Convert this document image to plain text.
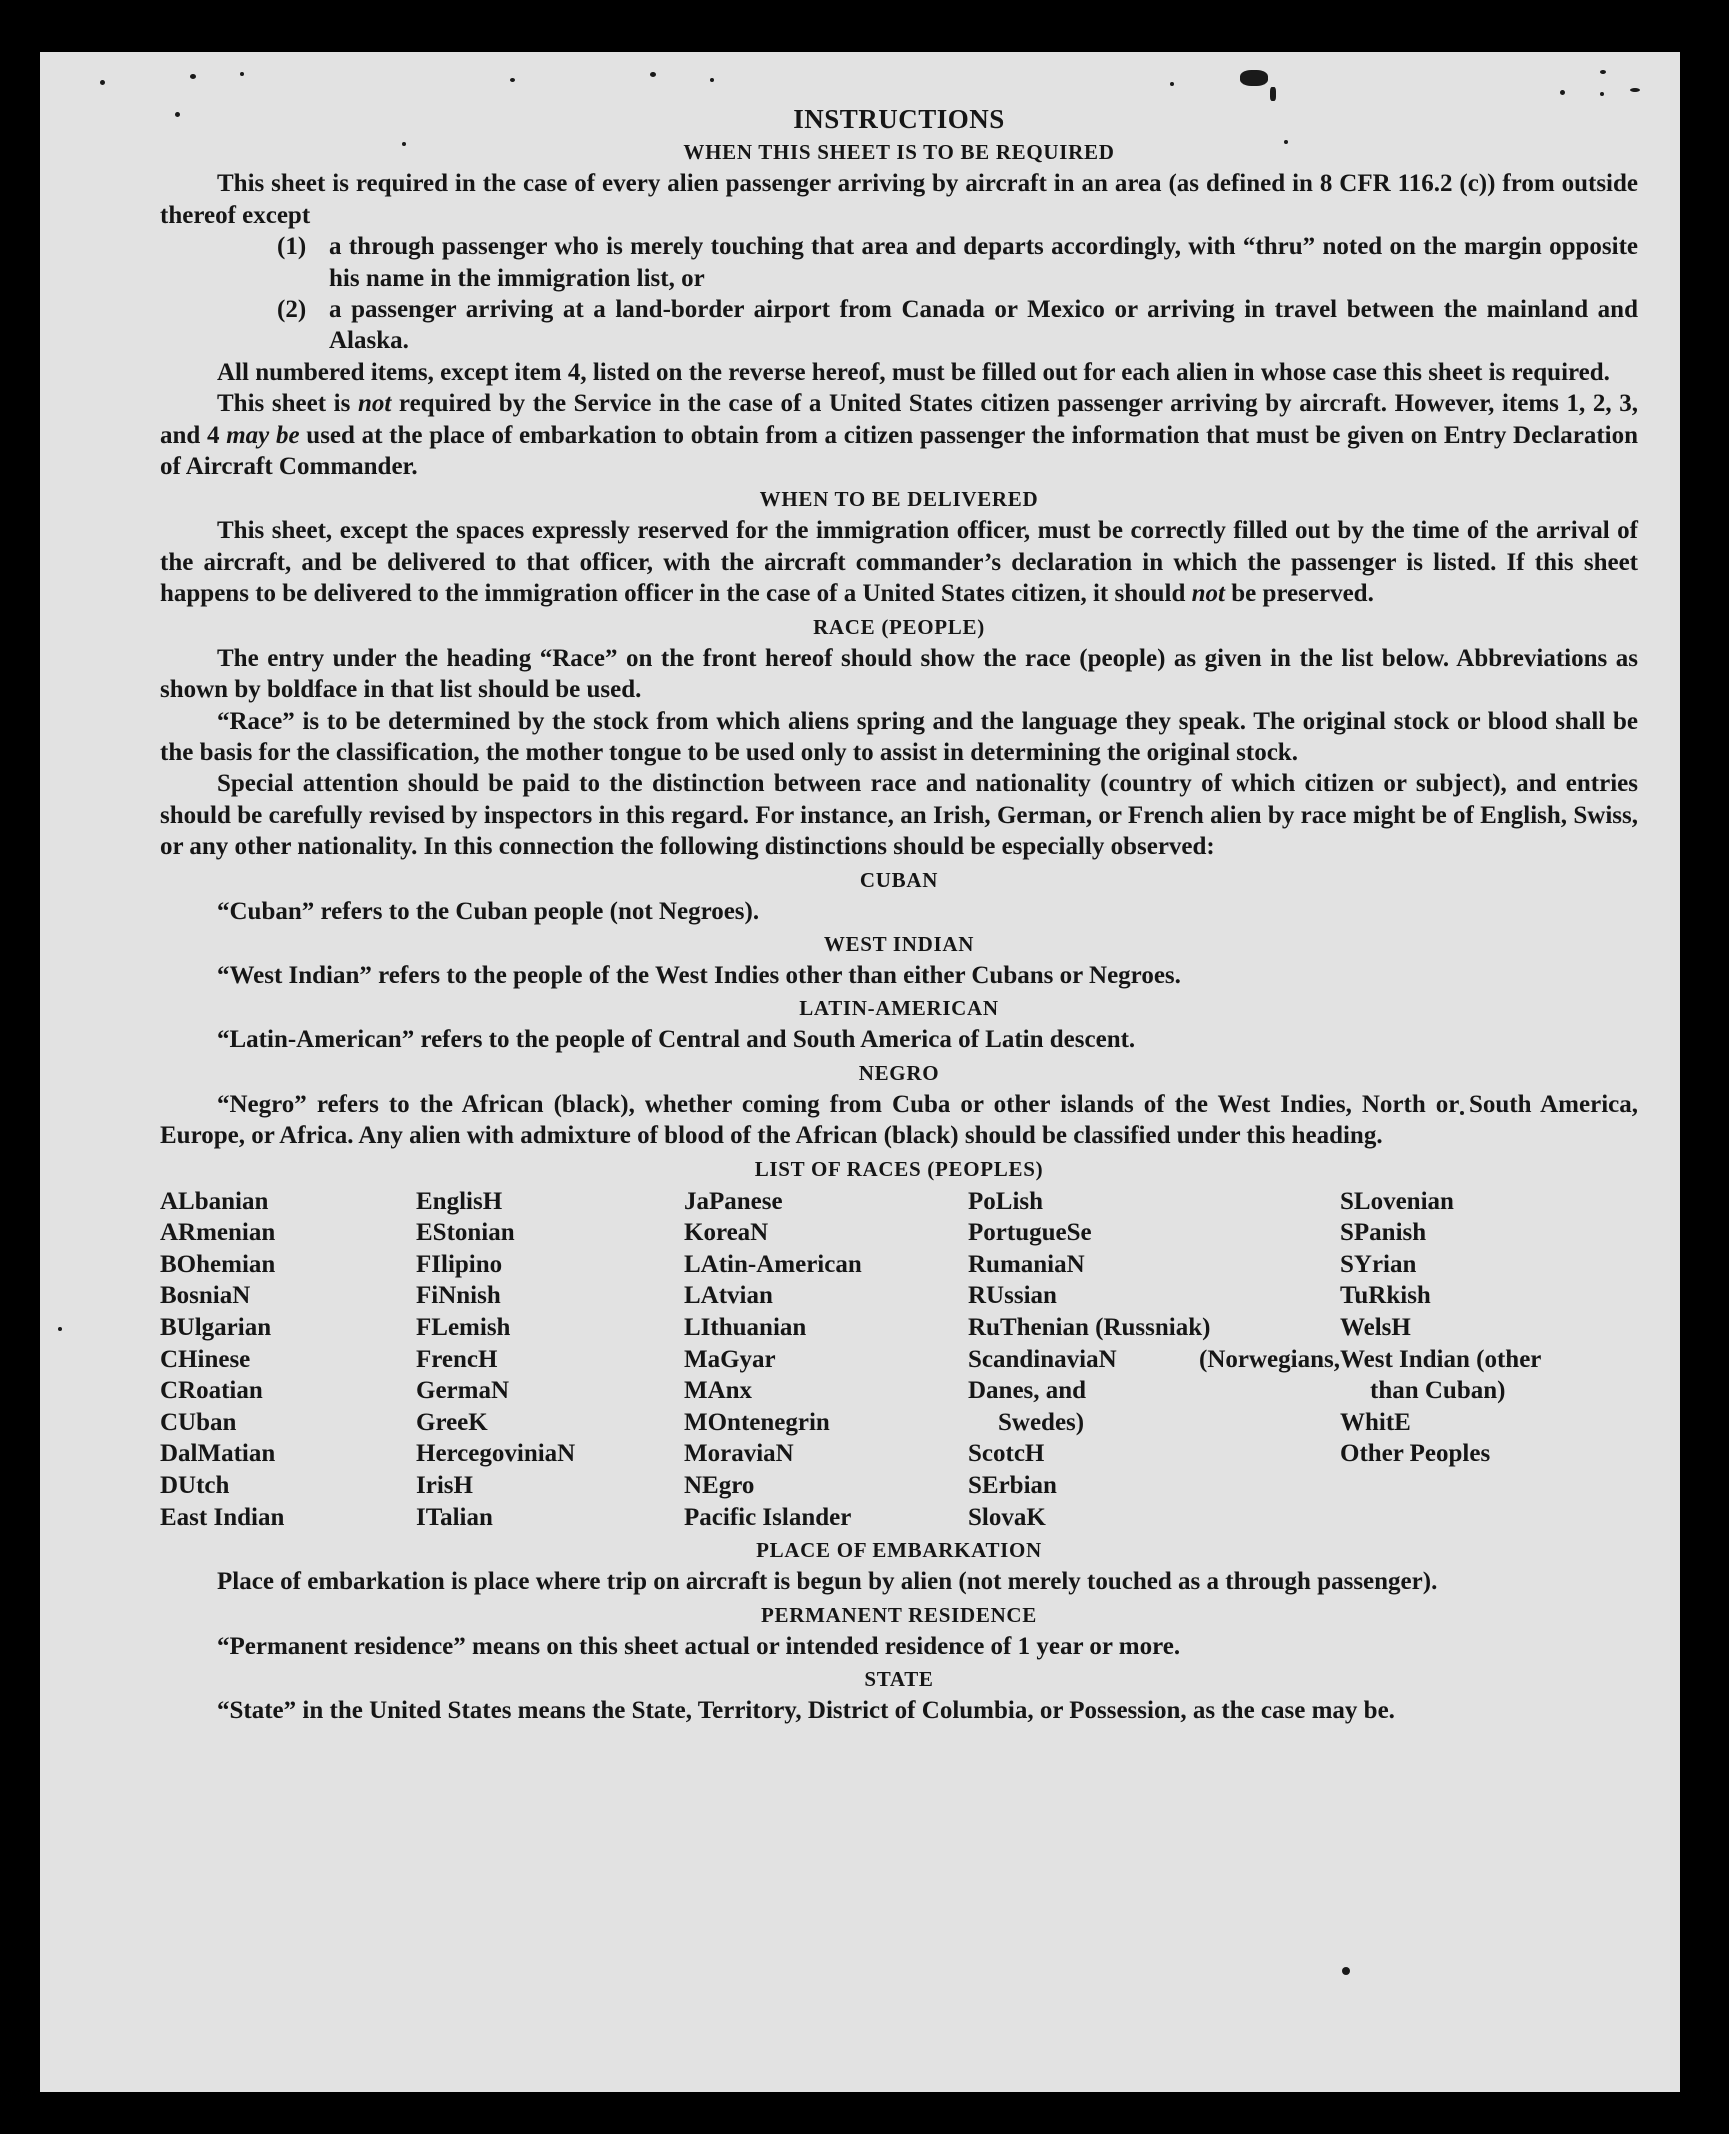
INSTRUCTIONS
WHEN THIS SHEET IS TO BE REQUIRED

This sheet is required in the case of every alien passenger arriving by aircraft in an area (as defined in 8 CFR 116.2 (c)) from outside thereof except

(1) a through passenger who is merely touching that area and departs accordingly, with “thru” noted on the margin opposite his name in the immigration list, or
(2) a passenger arriving at a land-border airport from Canada or Mexico or arriving in travel between the mainland and Alaska.

All numbered items, except item 4, listed on the reverse hereof, must be filled out for each alien in whose case this sheet is required.

This sheet is not required by the Service in the case of a United States citizen passenger arriving by aircraft. However, items 1, 2, 3, and 4 may be used at the place of embarkation to obtain from a citizen passenger the information that must be given on Entry Declaration of Aircraft Commander.

WHEN TO BE DELIVERED

This sheet, except the spaces expressly reserved for the immigration officer, must be correctly filled out by the time of the arrival of the aircraft, and be delivered to that officer, with the aircraft commander’s declaration in which the passenger is listed. If this sheet happens to be delivered to the immigration officer in the case of a United States citizen, it should not be preserved.

RACE (PEOPLE)

The entry under the heading “Race” on the front hereof should show the race (people) as given in the list below. Abbreviations as shown by boldface in that list should be used.

“Race” is to be determined by the stock from which aliens spring and the language they speak. The original stock or blood shall be the basis for the classification, the mother tongue to be used only to assist in determining the original stock.

Special attention should be paid to the distinction between race and nationality (country of which citizen or subject), and entries should be carefully revised by inspectors in this regard. For instance, an Irish, German, or French alien by race might be of English, Swiss, or any other nationality. In this connection the following distinctions should be especially observed:

CUBAN

“Cuban” refers to the Cuban people (not Negroes).

WEST INDIAN

“West Indian” refers to the people of the West Indies other than either Cubans or Negroes.

LATIN-AMERICAN

“Latin-American” refers to the people of Central and South America of Latin descent.

NEGRO

“Negro” refers to the African (black), whether coming from Cuba or other islands of the West Indies, North or South America, Europe, or Africa. Any alien with admixture of blood of the African (black) should be classified under this heading.

LIST OF RACES (PEOPLES)
ALbanian
ARmenian
BOhemian
BosniaN
BUlgarian
CHinese
CRoatian
CUban
DalMatian
DUtch
East Indian
EnglisH
EStonian
FIlipino
FiNnish
FLemish
FrencH
GermaN
GreeK
HercegoviniaN
IrisH
ITalian
JaPanese
KoreaN
LAtin-American
LAtvian
LIthuanian
MaGyar
MAnx
MOntenegrin
MoraviaN
NEgro
Pacific Islander
PoLish
PortugueSe
RumaniaN
RUssian
RuThenian (Russniak)
ScandinaviaN (Norwegians, Danes, and
Swedes)
ScotcH
SErbian
SlovaK
SLovenian
SPanish
SYrian
TuRkish
WelsH
West Indian (other
than Cuban)
WhitE
Other Peoples
PLACE OF EMBARKATION

Place of embarkation is place where trip on aircraft is begun by alien (not merely touched as a through passenger).

PERMANENT RESIDENCE

“Permanent residence” means on this sheet actual or intended residence of 1 year or more.

STATE

“State” in the United States means the State, Territory, District of Columbia, or Possession, as the case may be.
